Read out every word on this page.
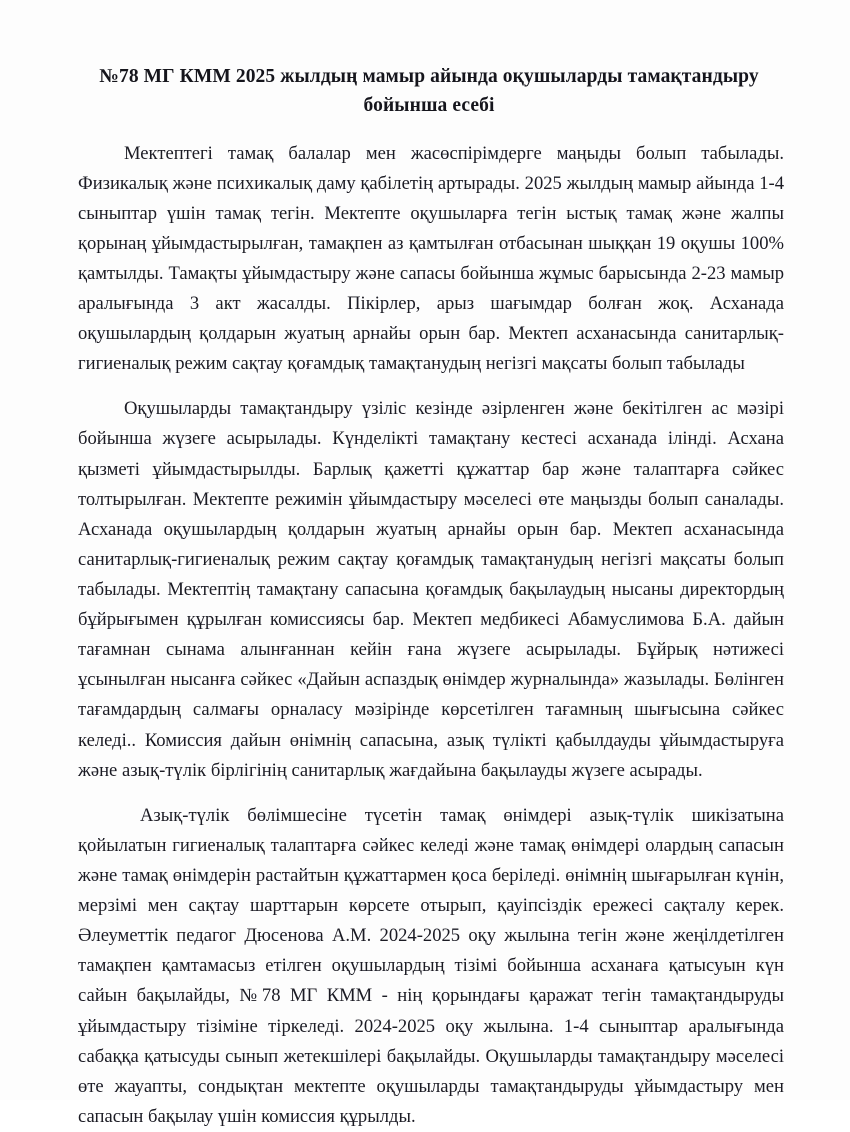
№78 МГ КММ 2025 жылдың мамыр айында оқушыларды тамақтандыру
бойынша есебі

Мектептегі тамақ балалар мен жасөспірімдерге маңыды болып табылады. Физикалық және психикалық даму қабілетің артырады. 2025 жылдың мамыр айында 1-4 сыныптар үшін тамақ тегін. Мектепте оқушыларға тегін ыстық тамақ және жалпы қорынаң ұйымдастырылған, тамақпен аз қамтылған отбасынан шыққан 19 оқушы 100% қамтылды. Тамақты ұйымдастыру және сапасы бойынша жұмыс барысында 2-23 мамыр аралығында 3 акт жасалды. Пікірлер, арыз шағымдар болған жоқ. Асханада оқушылардың қолдарын жуатың арнайы орын бар. Мектеп асханасында санитарлық-гигиеналық режим сақтау қоғамдық тамақтанудың негізгі мақсаты болып табылады

Оқушыларды тамақтандыру үзіліс кезінде әзірленген және бекітілген ас мәзірі бойынша жүзеге асырылады. Күнделікті тамақтану кестесі асханада ілінді. Асхана қызметі ұйымдастырылды. Барлық қажетті құжаттар бар және талаптарға сәйкес толтырылған. Мектепте режимін ұйымдастыру мәселесі өте маңызды болып саналады. Асханада оқушылардың қолдарын жуатың арнайы орын бар. Мектеп асханасында санитарлық-гигиеналық режим сақтау қоғамдық тамақтанудың негізгі мақсаты болып табылады. Мектептің тамақтану сапасына қоғамдық бақылаудың нысаны директордың бұйрығымен құрылған комиссиясы бар. Мектеп медбикесі Абамуслимова Б.А. дайын тағамнан сынама алынғаннан кейін ғана жүзеге асырылады. Бұйрық нәтижесі ұсынылған нысанға сәйкес «Дайын аспаздық өнімдер журналында» жазылады. Бөлінген тағамдардың салмағы орналасу мәзірінде көрсетілген тағамның шығысына сәйкес келеді.. Комиссия дайын өнімнің сапасына, азық түлікті қабылдауды ұйымдастыруға және азық-түлік бірлігінің санитарлық жағдайына бақылауды жүзеге асырады.

Азық-түлік бөлімшесіне түсетін тамақ өнімдері азық-түлік шикізатына қойылатын гигиеналық талаптарға сәйкес келеді және тамақ өнімдері олардың сапасын және тамақ өнімдерін растайтын құжаттармен қоса беріледі. өнімнің шығарылған күнін, мерзімі мен сақтау шарттарын көрсете отырып, қауіпсіздік ережесі сақталу керек. Әлеуметтік педагог Дюсенова А.М. 2024-2025 оқу жылына тегін және жеңілдетілген тамақпен қамтамасыз етілген оқушылардың тізімі бойынша асханаға қатысуын күн сайын бақылайды, №78 МГ КММ - нің қорындағы қаражат тегін тамақтандыруды ұйымдастыру тізіміне тіркеледі. 2024-2025 оқу жылына. 1-4 сыныптар аралығында сабаққа қатысуды сынып жетекшілері бақылайды. Оқушыларды тамақтандыру мәселесі өте жауапты, сондықтан мектепте оқушыларды тамақтандыруды ұйымдастыру мен сапасын бақылау үшін комиссия құрылды.
